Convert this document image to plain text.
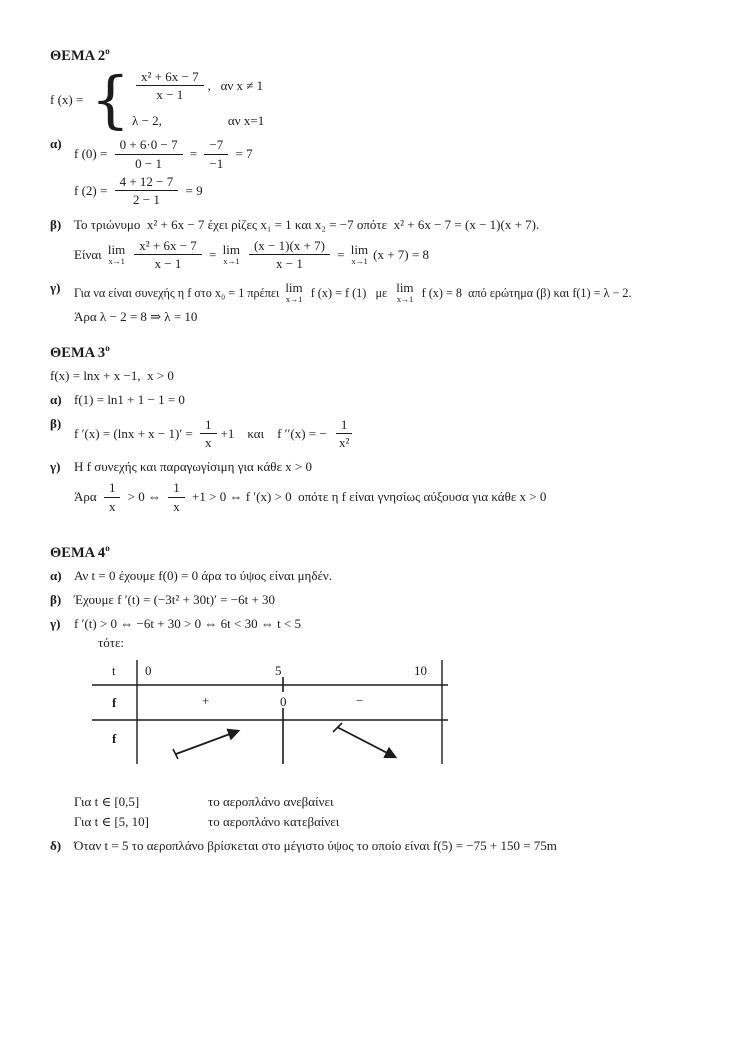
ΘΕΜΑ $2^o$
f (x) = { $\frac{\text{x² + 6x − 7}}{x - 1}$ ,   αν x ≠ 1
λ − 2,	αν x=1
α)
f $(0) = \frac{0 + 6\cdot 0 - 7}{0 - 1} = \frac{-7}{-1} = 7$
f $(2) = \frac{4 + 12 - 7}{2 - 1} = 9$
β) Το τριώνυμο  x² + 6x − 7 έχει ρίζες x₁ = 1 και x₂ = −7 οπότε  x² + 6x − 7 = (x − 1)(x + 7).
Είναι lim
$x\to 1 \frac{\text{x² + 6x − 7}}{x - 1} = \lim$
$x\to 1 \frac{(x - 1)(x + 7)}{x - 1} = \lim$
x→1 (x + 7) = 8
γ)	Για να είναι συνεχής η f στο x₀ = 1 πρέπει lim
x→1 f (x) = f (1)   με lim
x→1 f (x) = 8  από ερώτημα (β) και f(1) = λ − 2.
Άρα λ − 2 = 8 ⇒ λ = 10
ΘΕΜΑ $3^o$
f(x) = lnx + x −1,  x > 0
α) f(1) = ln1 + 1 − 1 = 0
β)
f $'(x) = (\ln x + x - 1)' = \frac{1}{x} +1$    και    f ′′(x) = − $\frac{1}{\text{x²}}$
γ)	Η f συνεχής και παραγωγίσιμη για κάθε x > 0
Άρα $\frac{1}{x} > 0$ ⇔ $\frac{1}{x} +1 > 0$ ⇔ f ′(x) > 0  οπότε η f είναι γνησίως αύξουσα για κάθε x > 0
ΘΕΜΑ $4^o$
α) Αν t = 0 έχουμε f(0) = 0 άρα το ύψος είναι μηδέν.
β) Έχουμε f ′(t) = (−3t² + 30t)′ = −6t + 30
γ)	f ′(t) > 0 ⇔ −6t + 30 > 0 ⇔ 6t < 30 ⇔ t < 5
τότε:
t 0	5	10
f	+	0	−
f
Για t ∈ [0,5]	το αεροπλάνο ανεβαίνει
Για t ∈ [5, 10]	το αεροπλάνο κατεβαίνει
δ) Όταν t = 5 το αεροπλάνο βρίσκεται στο μέγιστο ύψος το οποίο είναι f(5) = −75 + 150 = 75m
